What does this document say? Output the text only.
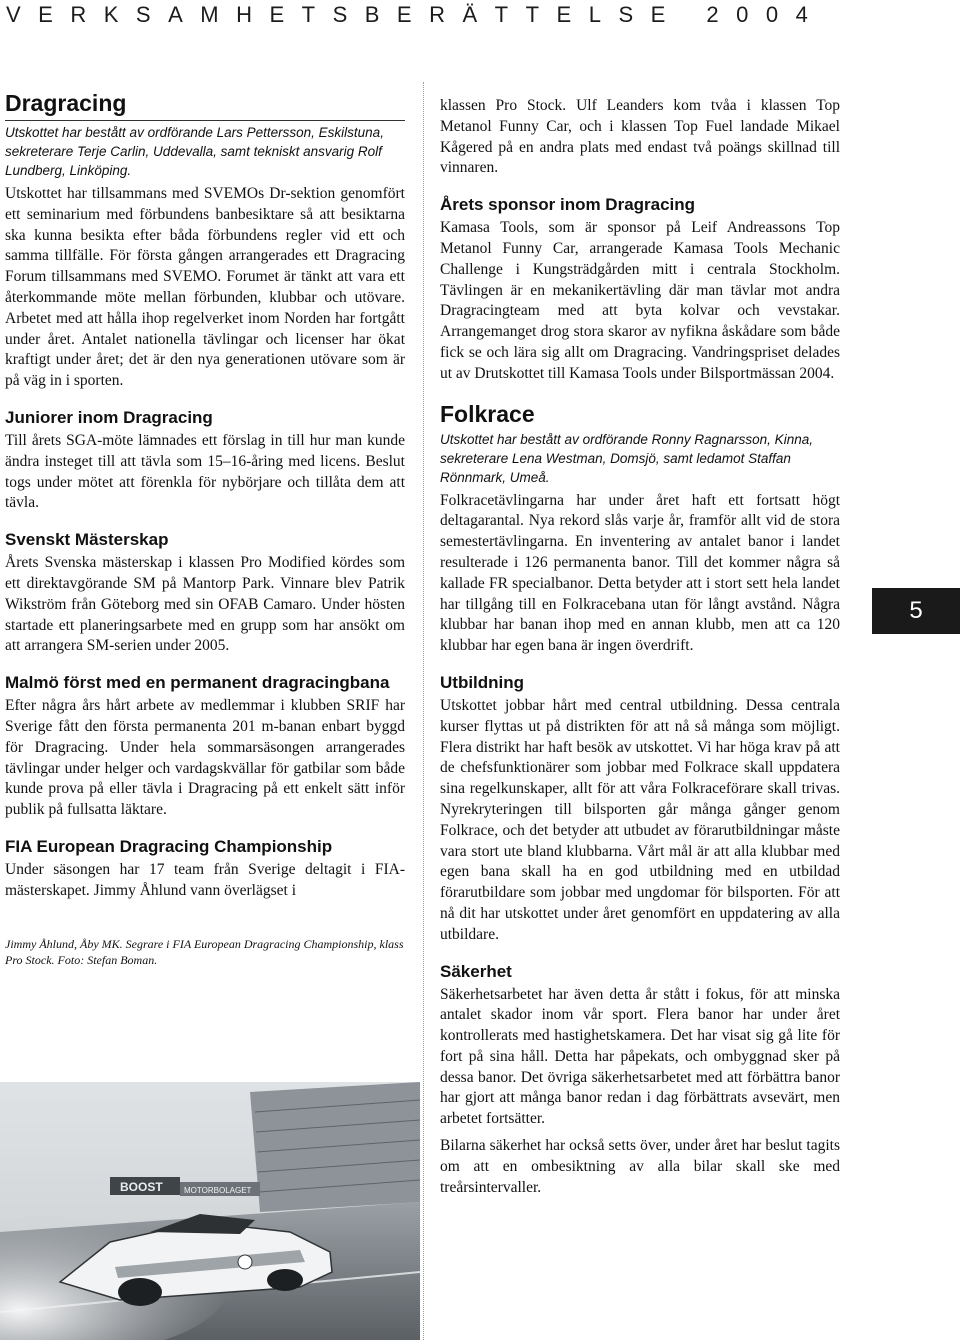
VERKSAMHETSBERÄTTELSE 2004
Dragracing
Utskottet har bestått av ordförande Lars Pettersson, Eskilstuna, sekreterare Terje Carlin, Uddevalla, samt tekniskt ansvarig Rolf Lundberg, Linköping.

Utskottet har tillsammans med SVEMOs Dr-sektion genomfört ett seminarium med förbundens banbesiktare så att besiktarna ska kunna besikta efter båda förbundens regler vid ett och samma tillfälle. För första gången arrangerades ett Dragracing Forum tillsammans med SVEMO. Forumet är tänkt att vara ett återkommande möte mellan förbunden, klubbar och utövare. Arbetet med att hålla ihop regelverket inom Norden har fortgått under året. Antalet nationella tävlingar och licenser har ökat kraftigt under året; det är den nya generationen utövare som är på väg in i sporten.

Juniorer inom Dragracing

Till årets SGA-möte lämnades ett förslag in till hur man kunde ändra insteget till att tävla som 15–16-åring med licens. Beslut togs under mötet att förenkla för nybörjare och tillåta dem att tävla.

Svenskt Mästerskap

Årets Svenska mästerskap i klassen Pro Modified kördes som ett direktavgörande SM på Mantorp Park. Vinnare blev Patrik Wikström från Göteborg med sin OFAB Camaro. Under hösten startade ett planeringsarbete med en grupp som har ansökt om att arrangera SM-serien under 2005.

Malmö först med en permanent dragracingbana

Efter några års hårt arbete av medlemmar i klubben SRIF har Sverige fått den första permanenta 201 m-banan enbart byggd för Dragracing. Under hela sommarsäsongen arrangerades tävlingar under helger och vardagskvällar för gatbilar som både kunde prova på eller tävla i Dragracing på ett enkelt sätt inför publik på fullsatta läktare.

FIA European Dragracing Championship

Under säsongen har 17 team från Sverige deltagit i FIA-mästerskapet. Jimmy Åhlund vann överlägset i

Jimmy Åhlund, Åby MK. Segrare i FIA European Dragracing Championship, klass Pro Stock. Foto: Stefan Boman.
BOOST	MOTORBOLAGET

klassen Pro Stock. Ulf Leanders kom tvåa i klassen Top Metanol Funny Car, och i klassen Top Fuel landade Mikael Kågered på en andra plats med endast två poängs skillnad till vinnaren.

Årets sponsor inom Dragracing

Kamasa Tools, som är sponsor på Leif Andreassons Top Metanol Funny Car, arrangerade Kamasa Tools Mechanic Challenge i Kungsträdgården mitt i centrala Stockholm. Tävlingen är en mekanikertävling där man tävlar mot andra Dragracingteam med att byta kolvar och vevstakar. Arrangemanget drog stora skaror av nyfikna åskådare som både fick se och lära sig allt om Dragracing. Vandringspriset delades ut av Drutskottet till Kamasa Tools under Bilsportmässan 2004.

Folkrace
Utskottet har bestått av ordförande Ronny Ragnarsson, Kinna, sekreterare Lena Westman, Domsjö, samt ledamot Staffan Rönnmark, Umeå.

Folkracetävlingarna har under året haft ett fortsatt högt deltagarantal. Nya rekord slås varje år, framför allt vid de stora semestertävlingarna. En inventering av antalet banor i landet resulterade i 126 permanenta banor. Till det kommer några så kallade FR specialbanor. Detta betyder att i stort sett hela landet har tillgång till en Folkracebana utan för långt avstånd. Några klubbar har banan ihop med en annan klubb, men att ca 120 klubbar har egen bana är ingen överdrift.

Utbildning

Utskottet jobbar hårt med central utbildning. Dessa centrala kurser flyttas ut på distrikten för att nå så många som möjligt. Flera distrikt har haft besök av utskottet. Vi har höga krav på att de chefsfunktionärer som jobbar med Folkrace skall uppdatera sina regelkunskaper, allt för att våra Folkraceförare skall trivas. Nyrekryteringen till bilsporten går många gånger genom Folkrace, och det betyder att utbudet av förarutbildningar måste vara stort ute bland klubbarna. Vårt mål är att alla klubbar med egen bana skall ha en god utbildning med en utbildad förarutbildare som jobbar med ungdomar för bilsporten. För att nå dit har utskottet under året genomfört en uppdatering av alla utbildare.

Säkerhet

Säkerhetsarbetet har även detta år stått i fokus, för att minska antalet skador inom vår sport. Flera banor har under året kontrollerats med hastighetskamera. Det har visat sig gå lite för fort på sina håll. Detta har påpekats, och ombyggnad sker på dessa banor. Det övriga säkerhetsarbetet med att förbättra banor har gjort att många banor redan i dag förbättrats avsevärt, men arbetet fortsätter.

Bilarna säkerhet har också setts över, under året har beslut tagits om att en ombesiktning av alla bilar skall ske med treårsintervaller.

5
